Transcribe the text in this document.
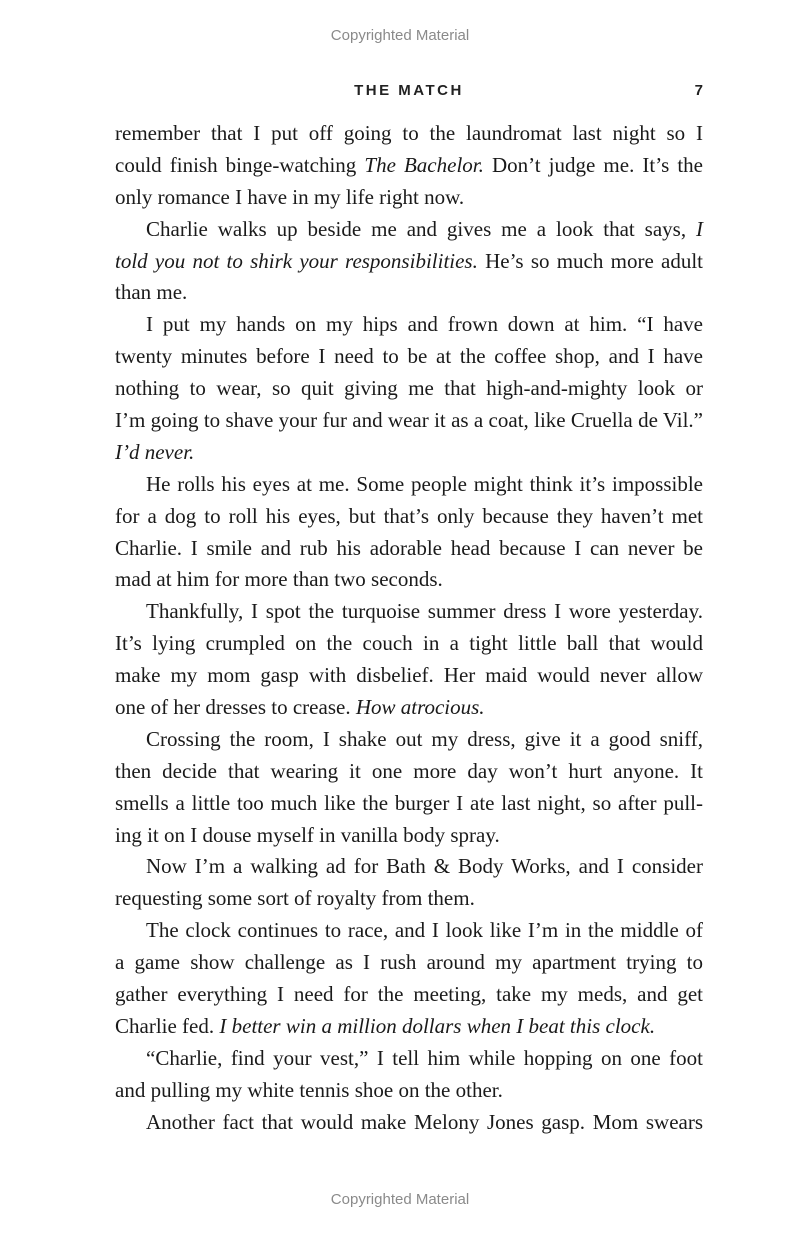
Copyrighted Material
THE MATCH	7
remember that I put off going to the laundromat last night so I
could finish binge-watching The Bachelor. Don’t judge me. It’s the
only romance I have in my life right now.
Charlie walks up beside me and gives me a look that says, I
told you not to shirk your responsibilities. He’s so much more adult
than me.
I put my hands on my hips and frown down at him. “I have
twenty minutes before I need to be at the coffee shop, and I have
nothing to wear, so quit giving me that high-and-mighty look or
I’m going to shave your fur and wear it as a coat, like Cruella de Vil.”
I’d never.
He rolls his eyes at me. Some people might think it’s impossible
for a dog to roll his eyes, but that’s only because they haven’t met
Charlie. I smile and rub his adorable head because I can never be
mad at him for more than two seconds.
Thankfully, I spot the turquoise summer dress I wore yesterday.
It’s lying crumpled on the couch in a tight little ball that would
make my mom gasp with disbelief. Her maid would never allow
one of her dresses to crease. How atrocious.
Crossing the room, I shake out my dress, give it a good sniff,
then decide that wearing it one more day won’t hurt anyone. It
smells a little too much like the burger I ate last night, so after pull-
ing it on I douse myself in vanilla body spray.
Now I’m a walking ad for Bath & Body Works, and I consider
requesting some sort of royalty from them.
The clock continues to race, and I look like I’m in the middle of
a game show challenge as I rush around my apartment trying to
gather everything I need for the meeting, take my meds, and get
Charlie fed. I better win a million dollars when I beat this clock.
“Charlie, find your vest,” I tell him while hopping on one foot
and pulling my white tennis shoe on the other.
Another fact that would make Melony Jones gasp. Mom swears
Copyrighted Material
